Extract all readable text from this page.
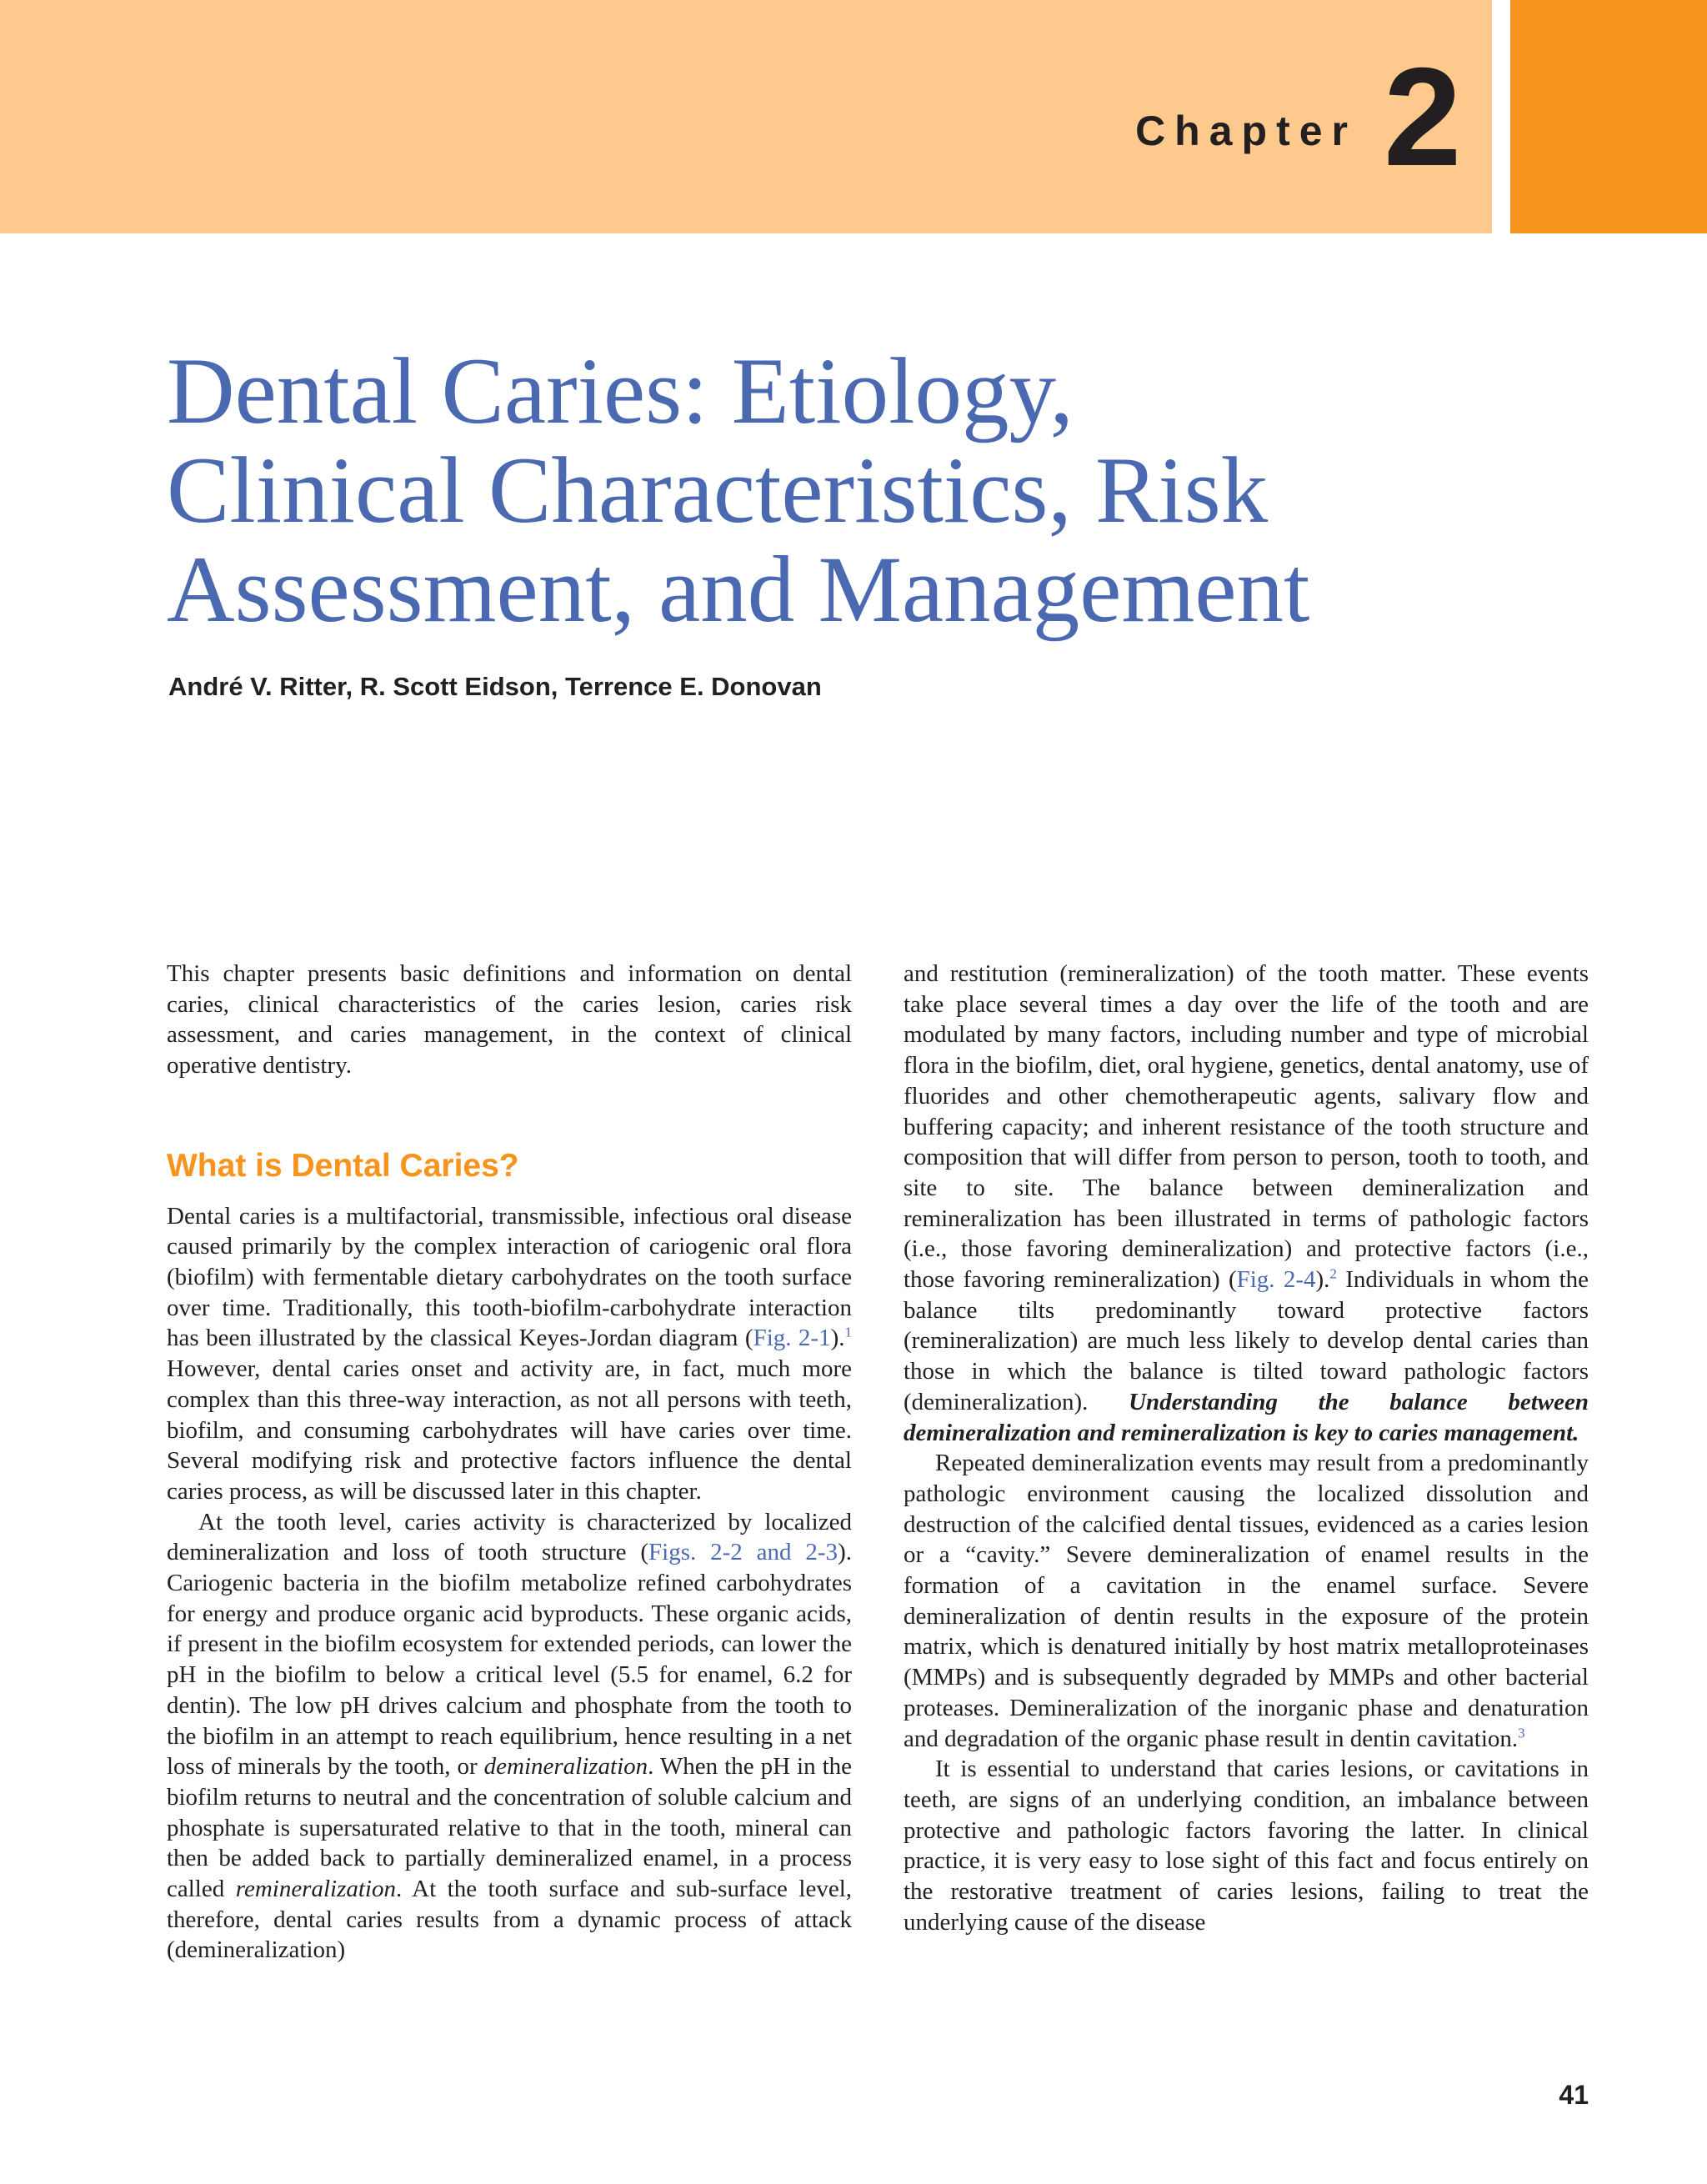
Chapter 2
Dental Caries: Etiology,
Clinical Characteristics, Risk
Assessment, and Management
André V. Ritter, R. Scott Eidson, Terrence E. Donovan

This chapter presents basic definitions and information on dental caries, clinical characteristics of the caries lesion, caries risk assessment, and caries management, in the context of clinical operative dentistry.

What is Dental Caries?

Dental caries is a multifactorial, transmissible, infectious oral disease caused primarily by the complex interaction of cariogenic oral flora (biofilm) with fermentable dietary carbohydrates on the tooth surface over time. Traditionally, this tooth-biofilm-carbohydrate interaction has been illustrated by the classical Keyes-Jordan diagram (Fig. 2-1).$^1$ However, dental caries onset and activity are, in fact, much more complex than this three-way interaction, as not all persons with teeth, biofilm, and consuming carbohydrates will have caries over time. Several modifying risk and protective factors influence the dental caries process, as will be discussed later in this chapter.

At the tooth level, caries activity is characterized by localized demineralization and loss of tooth structure (Figs. 2-2 and 2-3). Cariogenic bacteria in the biofilm metabolize refined carbohydrates for energy and produce organic acid byproducts. These organic acids, if present in the biofilm ecosystem for extended periods, can lower the pH in the biofilm to below a critical level (5.5 for enamel, 6.2 for dentin). The low pH drives calcium and phosphate from the tooth to the biofilm in an attempt to reach equilibrium, hence resulting in a net loss of minerals by the tooth, or demineralization. When the pH in the biofilm returns to neutral and the concentration of soluble calcium and phosphate is supersaturated relative to that in the tooth, mineral can then be added back to partially demineralized enamel, in a process called remineralization. At the tooth surface and sub-surface level, therefore, dental caries results from a dynamic process of attack (demineralization)

and restitution (remineralization) of the tooth matter. These events take place several times a day over the life of the tooth and are modulated by many factors, including number and type of microbial flora in the biofilm, diet, oral hygiene, genetics, dental anatomy, use of fluorides and other chemotherapeutic agents, salivary flow and buffering capacity; and inherent resistance of the tooth structure and composition that will differ from person to person, tooth to tooth, and site to site. The balance between demineralization and remineralization has been illustrated in terms of pathologic factors (i.e., those favoring demineralization) and protective factors (i.e., those favoring remineralization) (Fig. 2-4).$^2$ Individuals in whom the balance tilts predominantly toward protective factors (remineralization) are much less likely to develop dental caries than those in which the balance is tilted toward pathologic factors (demineralization). Understanding the balance between demineralization and remineralization is key to caries management.

Repeated demineralization events may result from a predominantly pathologic environment causing the localized dissolution and destruction of the calcified dental tissues, evidenced as a caries lesion or a “cavity.” Severe demineralization of enamel results in the formation of a cavitation in the enamel surface. Severe demineralization of dentin results in the exposure of the protein matrix, which is denatured initially by host matrix metalloproteinases (MMPs) and is subsequently degraded by MMPs and other bacterial proteases. Demineralization of the inorganic phase and denaturation and degradation of the organic phase result in dentin cavitation.$^3$

It is essential to understand that caries lesions, or cavitations in teeth, are signs of an underlying condition, an imbalance between protective and pathologic factors favoring the latter. In clinical practice, it is very easy to lose sight of this fact and focus entirely on the restorative treatment of caries lesions, failing to treat the underlying cause of the disease

41
